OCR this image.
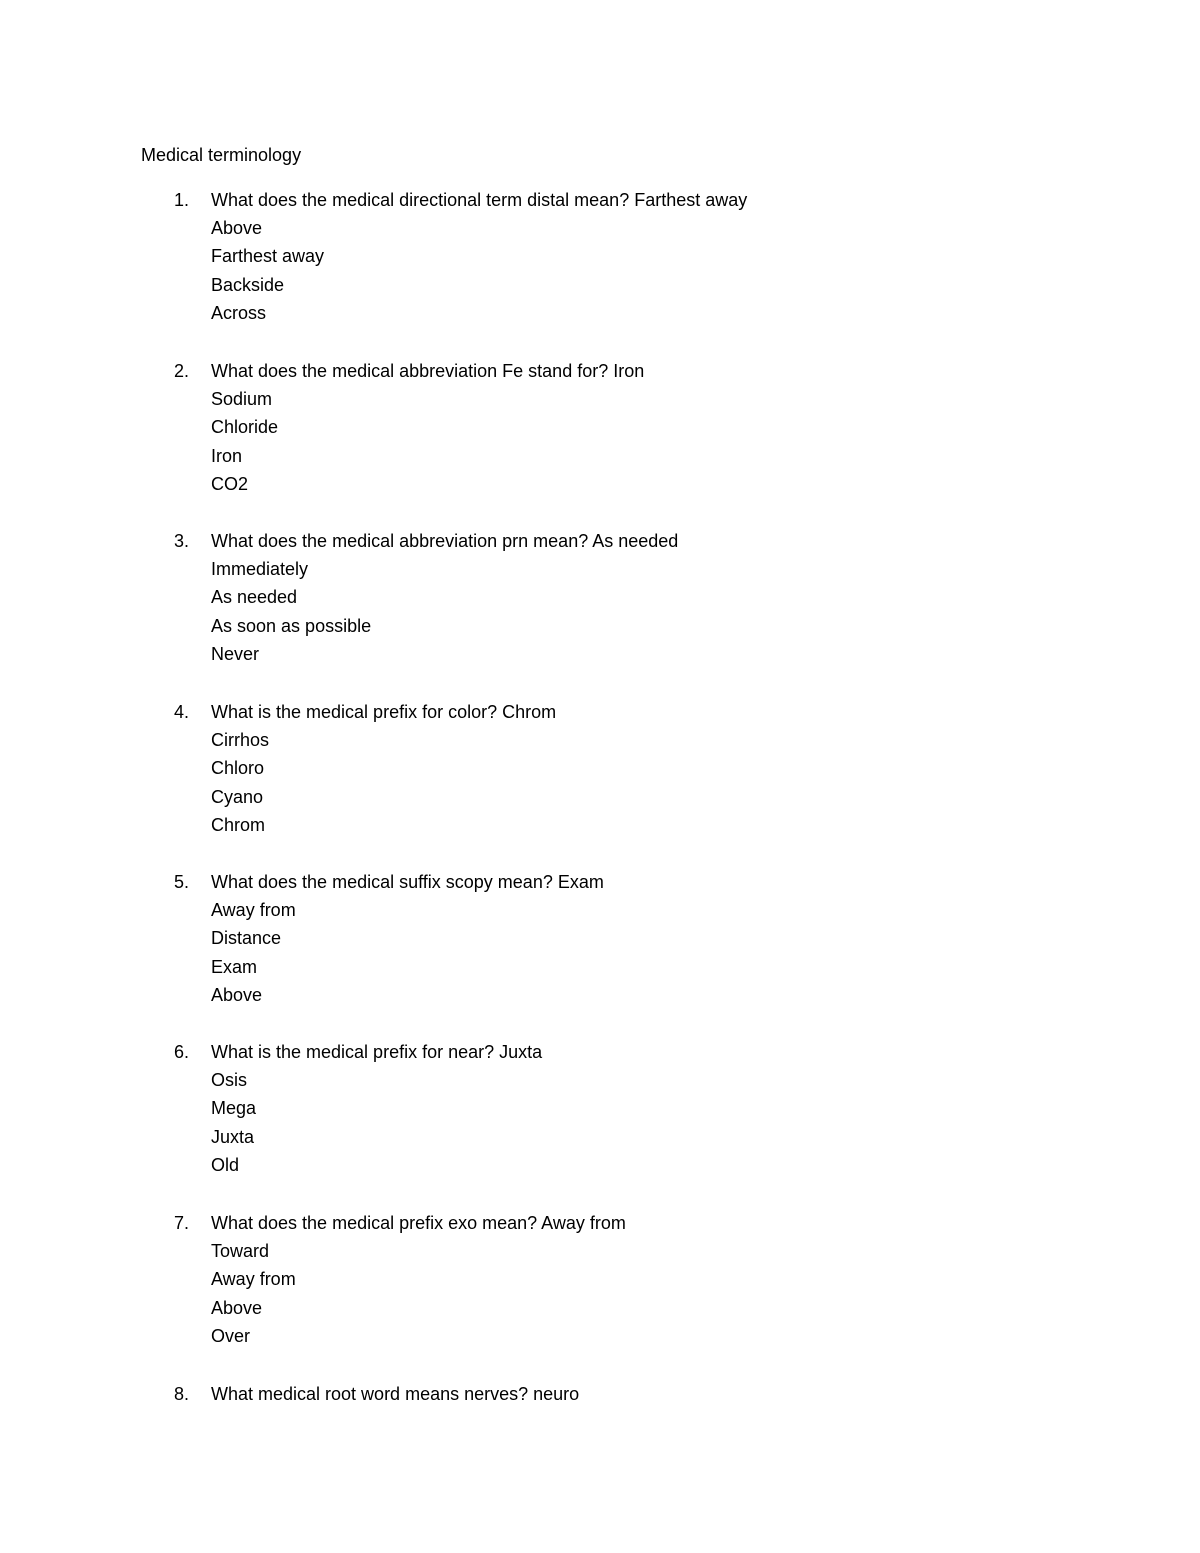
Medical terminology
1. What does the medical directional term distal mean? Farthest away
Above
Farthest away
Backside
Across
2. What does the medical abbreviation Fe stand for? Iron
Sodium
Chloride
Iron
CO2
3. What does the medical abbreviation prn mean? As needed
Immediately
As needed
As soon as possible
Never
4. What is the medical prefix for color? Chrom
Cirrhos
Chloro
Cyano
Chrom
5. What does the medical suffix scopy mean? Exam
Away from
Distance
Exam
Above
6. What is the medical prefix for near? Juxta
Osis
Mega
Juxta
Old
7. What does the medical prefix exo mean? Away from
Toward
Away from
Above
Over
8. What medical root word means nerves? neuro
